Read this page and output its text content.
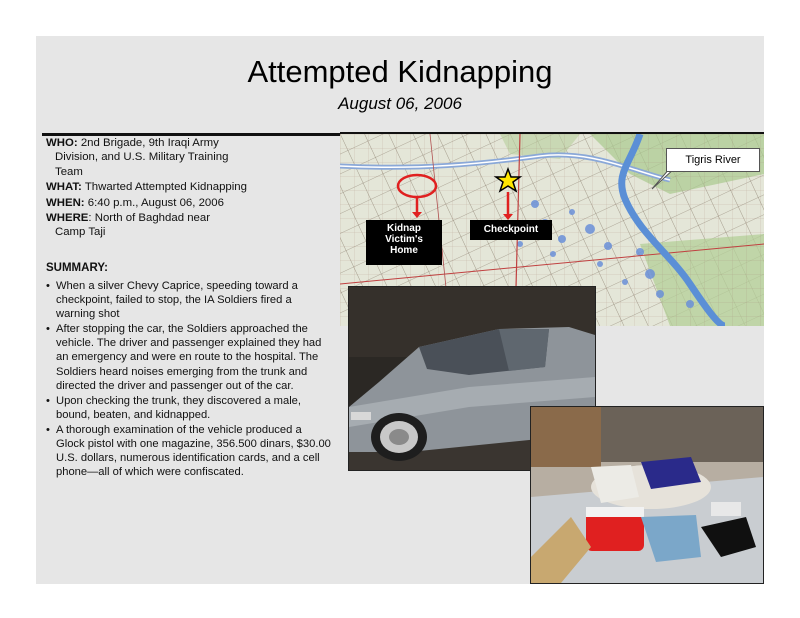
Attempted Kidnapping
August 06, 2006
WHO: 2nd Brigade, 9th Iraqi Army
Division, and U.S. Military Training
Team
WHAT: Thwarted Attempted Kidnapping
WHEN: 6:40 p.m., August 06, 2006
WHERE: North of Baghdad near
Camp Taji
SUMMARY:
• When a silver Chevy Caprice, speeding toward a checkpoint, failed to stop, the IA Soldiers fired a warning shot
• After stopping the car, the Soldiers approached the vehicle. The driver and passenger explained they had an emergency and were en route to the hospital. The Soldiers heard noises emerging from the trunk and directed the driver and passenger out of the car.
• Upon checking the trunk, they discovered a male, bound, beaten, and kidnapped.
• A thorough examination of the vehicle produced a Glock pistol with one magazine, 356.500 dinars, $30.00 U.S. dollars, numerous identification cards, and a cell phone—all of which were confiscated.
Tigris River
Kidnap
Victim's
Home
Checkpoint
